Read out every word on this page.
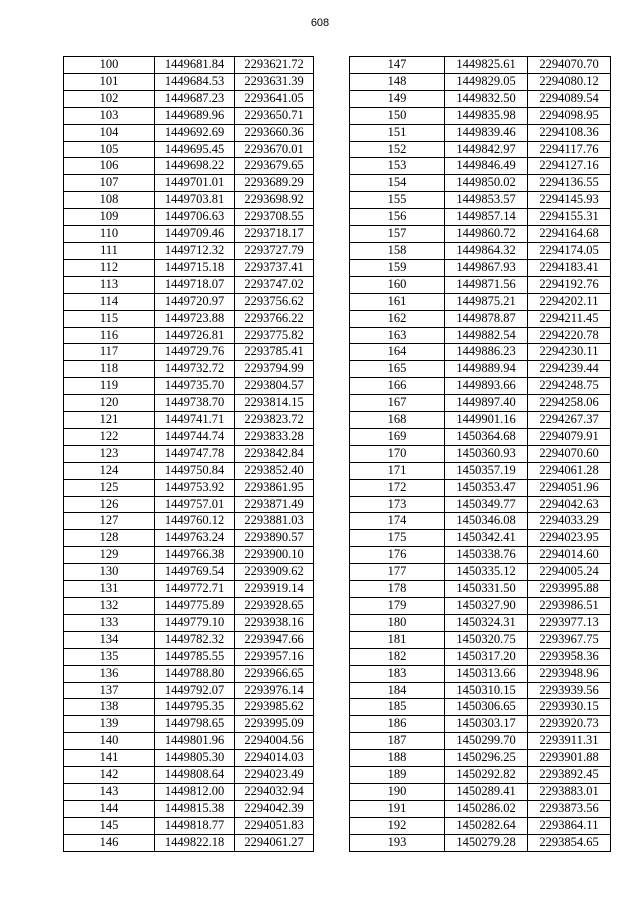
608
100	1449681.84	2293621.72
101	1449684.53	2293631.39
102	1449687.23	2293641.05
103	1449689.96	2293650.71
104	1449692.69	2293660.36
105	1449695.45	2293670.01
106	1449698.22	2293679.65
107	1449701.01	2293689.29
108	1449703.81	2293698.92
109	1449706.63	2293708.55
110	1449709.46	2293718.17
111	1449712.32	2293727.79
112	1449715.18	2293737.41
113	1449718.07	2293747.02
114	1449720.97	2293756.62
115	1449723.88	2293766.22
116	1449726.81	2293775.82
117	1449729.76	2293785.41
118	1449732.72	2293794.99
119	1449735.70	2293804.57
120	1449738.70	2293814.15
121	1449741.71	2293823.72
122	1449744.74	2293833.28
123	1449747.78	2293842.84
124	1449750.84	2293852.40
125	1449753.92	2293861.95
126	1449757.01	2293871.49
127	1449760.12	2293881.03
128	1449763.24	2293890.57
129	1449766.38	2293900.10
130	1449769.54	2293909.62
131	1449772.71	2293919.14
132	1449775.89	2293928.65
133	1449779.10	2293938.16
134	1449782.32	2293947.66
135	1449785.55	2293957.16
136	1449788.80	2293966.65
137	1449792.07	2293976.14
138	1449795.35	2293985.62
139	1449798.65	2293995.09
140	1449801.96	2294004.56
141	1449805.30	2294014.03
142	1449808.64	2294023.49
143	1449812.00	2294032.94
144	1449815.38	2294042.39
145	1449818.77	2294051.83
146	1449822.18	2294061.27
147	1449825.61	2294070.70
148	1449829.05	2294080.12
149	1449832.50	2294089.54
150	1449835.98	2294098.95
151	1449839.46	2294108.36
152	1449842.97	2294117.76
153	1449846.49	2294127.16
154	1449850.02	2294136.55
155	1449853.57	2294145.93
156	1449857.14	2294155.31
157	1449860.72	2294164.68
158	1449864.32	2294174.05
159	1449867.93	2294183.41
160	1449871.56	2294192.76
161	1449875.21	2294202.11
162	1449878.87	2294211.45
163	1449882.54	2294220.78
164	1449886.23	2294230.11
165	1449889.94	2294239.44
166	1449893.66	2294248.75
167	1449897.40	2294258.06
168	1449901.16	2294267.37
169	1450364.68	2294079.91
170	1450360.93	2294070.60
171	1450357.19	2294061.28
172	1450353.47	2294051.96
173	1450349.77	2294042.63
174	1450346.08	2294033.29
175	1450342.41	2294023.95
176	1450338.76	2294014.60
177	1450335.12	2294005.24
178	1450331.50	2293995.88
179	1450327.90	2293986.51
180	1450324.31	2293977.13
181	1450320.75	2293967.75
182	1450317.20	2293958.36
183	1450313.66	2293948.96
184	1450310.15	2293939.56
185	1450306.65	2293930.15
186	1450303.17	2293920.73
187	1450299.70	2293911.31
188	1450296.25	2293901.88
189	1450292.82	2293892.45
190	1450289.41	2293883.01
191	1450286.02	2293873.56
192	1450282.64	2293864.11
193	1450279.28	2293854.65
